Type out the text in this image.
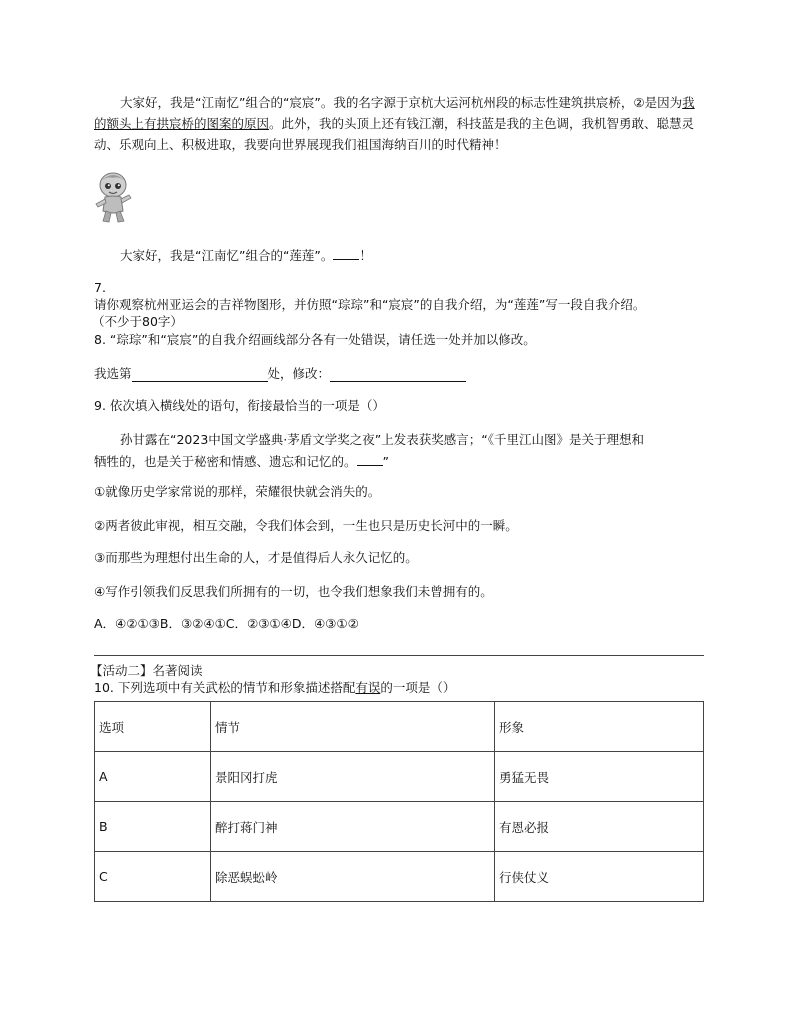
大家好，我是“江南忆”组合的“宸宸”。我的名字源于京杭大运河杭州段的标志性建筑拱宸桥，②是因为我的额头上有拱宸桥的图案的原因。此外，我的头顶上还有钱江潮，科技蓝是我的主色调，我机智勇敢、聪慧灵动、乐观向上、积极进取，我要向世界展现我们祖国海纳百川的时代精神！
大家好，我是“江南忆”组合的“莲莲”。 ！
7.
请你观察杭州亚运会的吉祥物图形，并仿照“琮琮”和“宸宸”的自我介绍，为“莲莲”写一段自我介绍。
（不少于80字）
8. “琮琮”和“宸宸”的自我介绍画线部分各有一处错误，请任选一处并加以修改。
我选第	处，修改：
9. 依次填入横线处的语句，衔接最恰当的一项是（）
孙甘露在“2023中国文学盛典·茅盾文学奖之夜”上发表获奖感言；“《千里江山图》是关于理想和
牺牲的，也是关于秘密和情感、遗忘和记忆的。 ”
①就像历史学家常说的那样，荣耀很快就会消失的。
②两者彼此审视，相互交融，令我们体会到，一生也只是历史长河中的一瞬。
③而那些为理想付出生命的人，才是值得后人永久记忆的。
④写作引领我们反思我们所拥有的一切，也令我们想象我们未曾拥有的。
A．④②①③B．③②④①C．②③①④D．④③①②
【活动二】名著阅读
10. 下列选项中有关武松的情节和形象描述搭配有误的一项是（）
选项	情节	形象
A	景阳冈打虎	勇猛无畏
B	醉打蒋门神	有恩必报
C	除恶蜈蚣岭	行侠仗义
